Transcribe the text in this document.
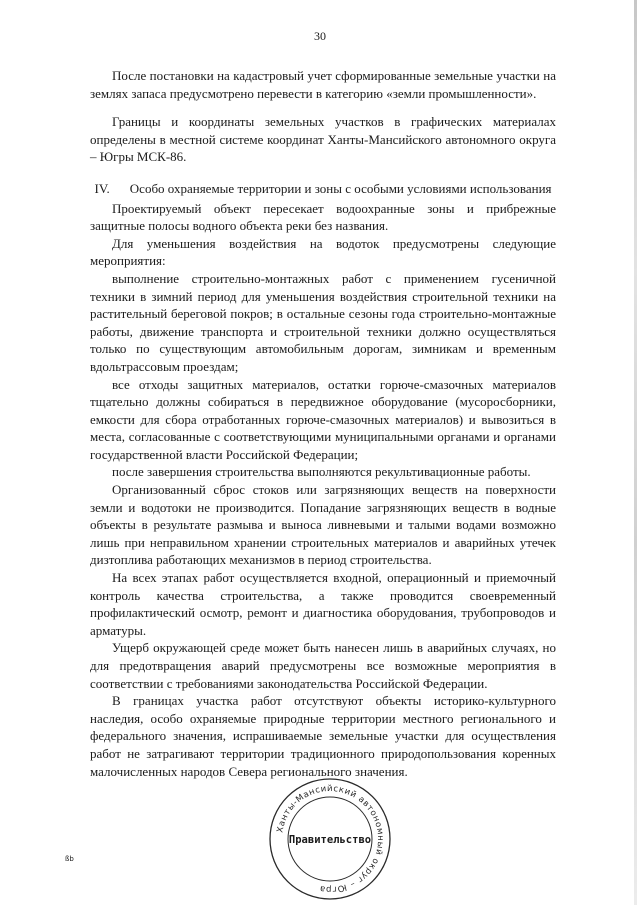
30

После постановки на кадастровый учет сформированные земельные участки на землях запаса предусмотрено перевести в категорию «земли промышленности».

Границы и координаты земельных участков в графических материалах определены в местной системе координат Ханты-Мансийского автономного округа – Югры МСК-86.

IV. Особо охраняемые территории и зоны с особыми условиями использования

Проектируемый объект пересекает водоохранные зоны и прибрежные защитные полосы водного объекта реки без названия.

Для уменьшения воздействия на водоток предусмотрены следующие мероприятия:

выполнение строительно-монтажных работ с применением гусеничной техники в зимний период для уменьшения воздействия строительной техники на растительный береговой покров; в остальные сезоны года строительно-монтажные работы, движение транспорта и строительной техники должно осуществляться только по существующим автомобильным дорогам, зимникам и временным вдольтрассовым проездам;

все отходы защитных материалов, остатки горюче-смазочных материалов тщательно должны собираться в передвижное оборудование (мусоросборники, емкости для сбора отработанных горюче-смазочных материалов) и вывозиться в места, согласованные с соответствующими муниципальными органами и органами государственной власти Российской Федерации;

после завершения строительства выполняются рекультивационные работы.

Организованный сброс стоков или загрязняющих веществ на поверхности земли и водотоки не производится. Попадание загрязняющих веществ в водные объекты в результате размыва и выноса ливневыми и талыми водами возможно лишь при неправильном хранении строительных материалов и аварийных утечек дизтоплива работающих механизмов в период строительства.

На всех этапах работ осуществляется входной, операционный и приемочный контроль качества строительства, а также проводится своевременный профилактический осмотр, ремонт и диагностика оборудования, трубопроводов и арматуры.

Ущерб окружающей среде может быть нанесен лишь в аварийных случаях, но для предотвращения аварий предусмотрены все возможные мероприятия в соответствии с требованиями законодательства Российской Федерации.

В границах участка работ отсутствуют объекты историко-культурного наследия, особо охраняемые природные территории местного регионального и федерального значения, испрашиваемые земельные участки для осуществления работ не затрагивают территории традиционного природопользования коренных малочисленных народов Севера регионального значения.

ßb
Ханты-Мансийский автономный округ – Югра
Правительство
